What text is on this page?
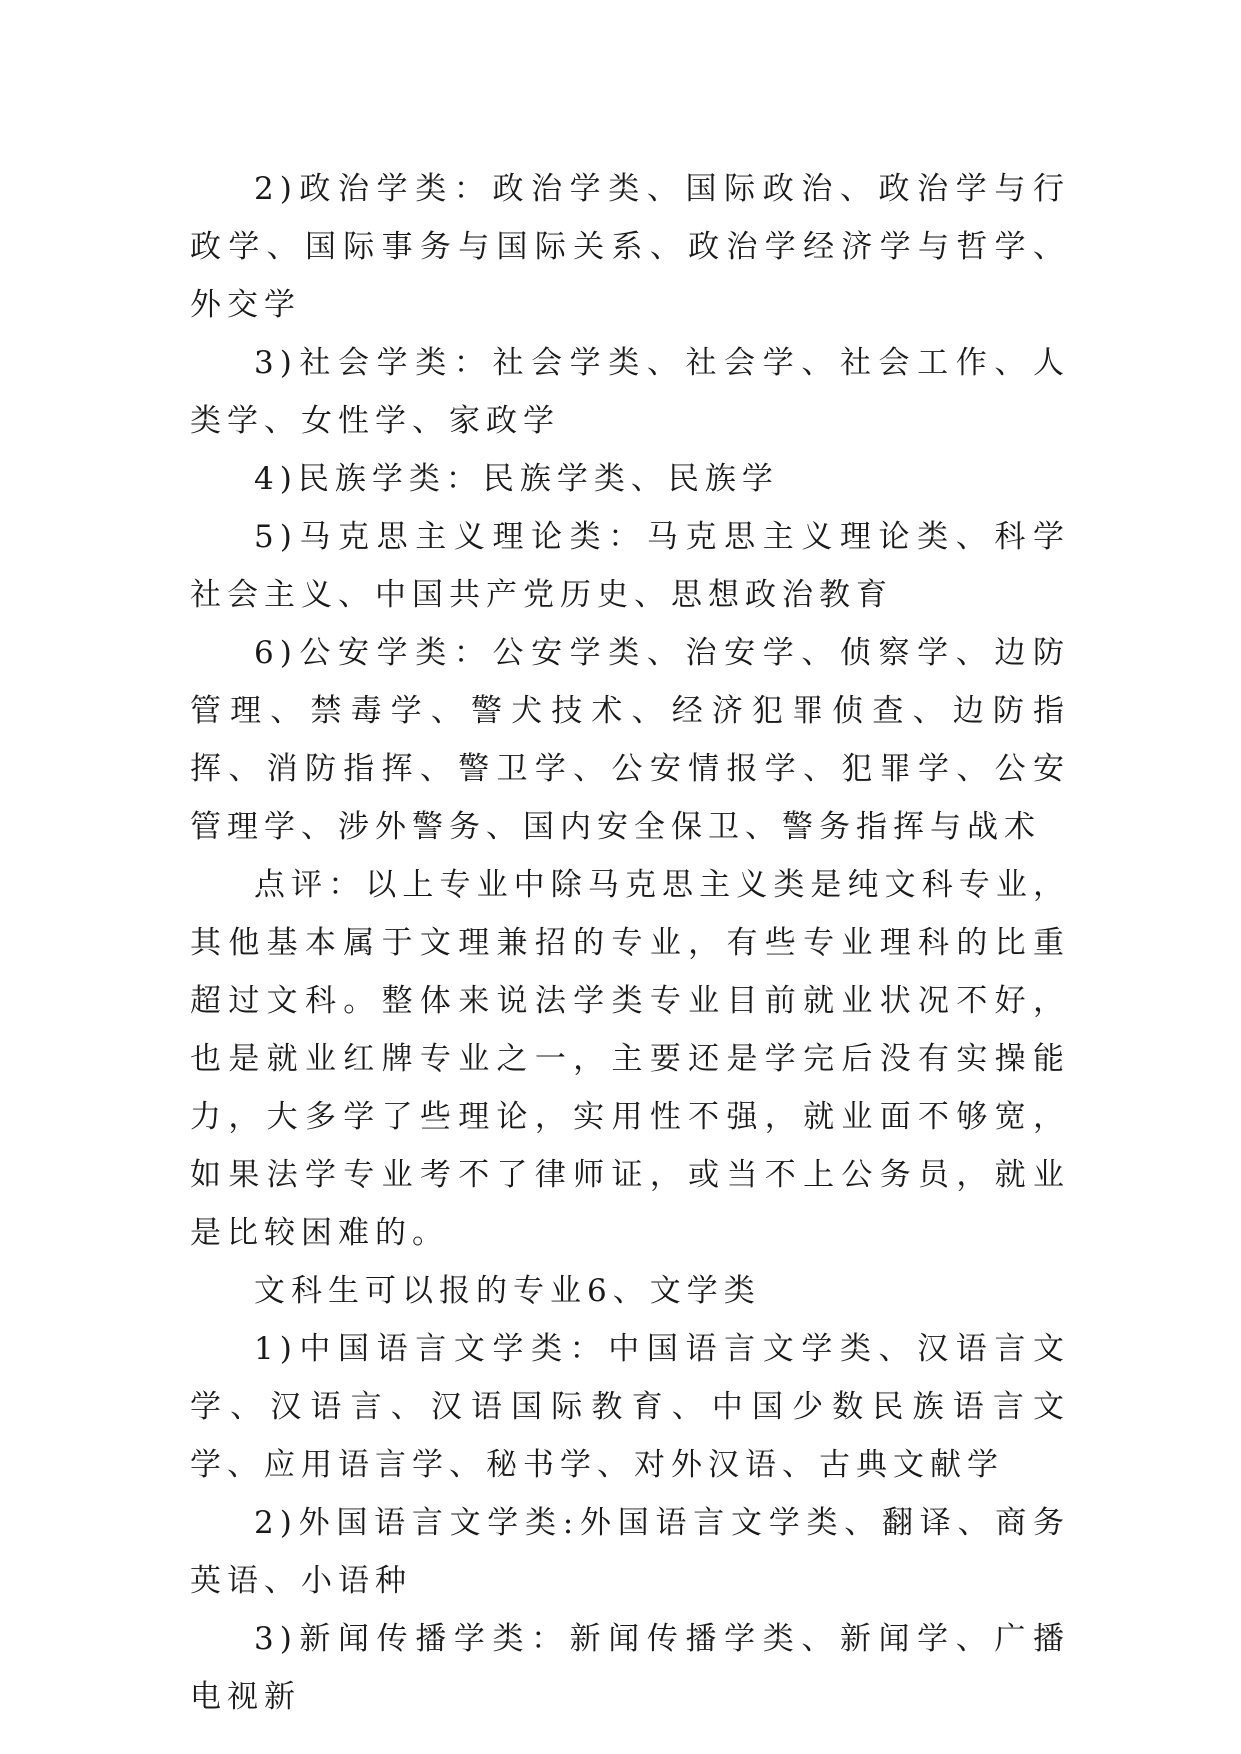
2)政治学类：政治学类、国际政治、政治学与行政学、国际事务与国际关系、政治学经济学与哲学、外交学

3)社会学类：社会学类、社会学、社会工作、人类学、女性学、家政学

4)民族学类：民族学类、民族学

5)马克思主义理论类：马克思主义理论类、科学社会主义、中国共产党历史、思想政治教育

6)公安学类：公安学类、治安学、侦察学、边防管理、禁毒学、警犬技术、经济犯罪侦查、边防指挥、消防指挥、警卫学、公安情报学、犯罪学、公安管理学、涉外警务、国内安全保卫、警务指挥与战术

点评：以上专业中除马克思主义类是纯文科专业，其他基本属于文理兼招的专业，有些专业理科的比重超过文科。整体来说法学类专业目前就业状况不好，也是就业红牌专业之一，主要还是学完后没有实操能力，大多学了些理论，实用性不强，就业面不够宽，如果法学专业考不了律师证，或当不上公务员，就业是比较困难的。

文科生可以报的专业6、文学类

1)中国语言文学类：中国语言文学类、汉语言文学、汉语言、汉语国际教育、中国少数民族语言文学、应用语言学、秘书学、对外汉语、古典文献学

2)外国语言文学类:外国语言文学类、翻译、商务英语、小语种

3)新闻传播学类：新闻传播学类、新闻学、广播电视新
